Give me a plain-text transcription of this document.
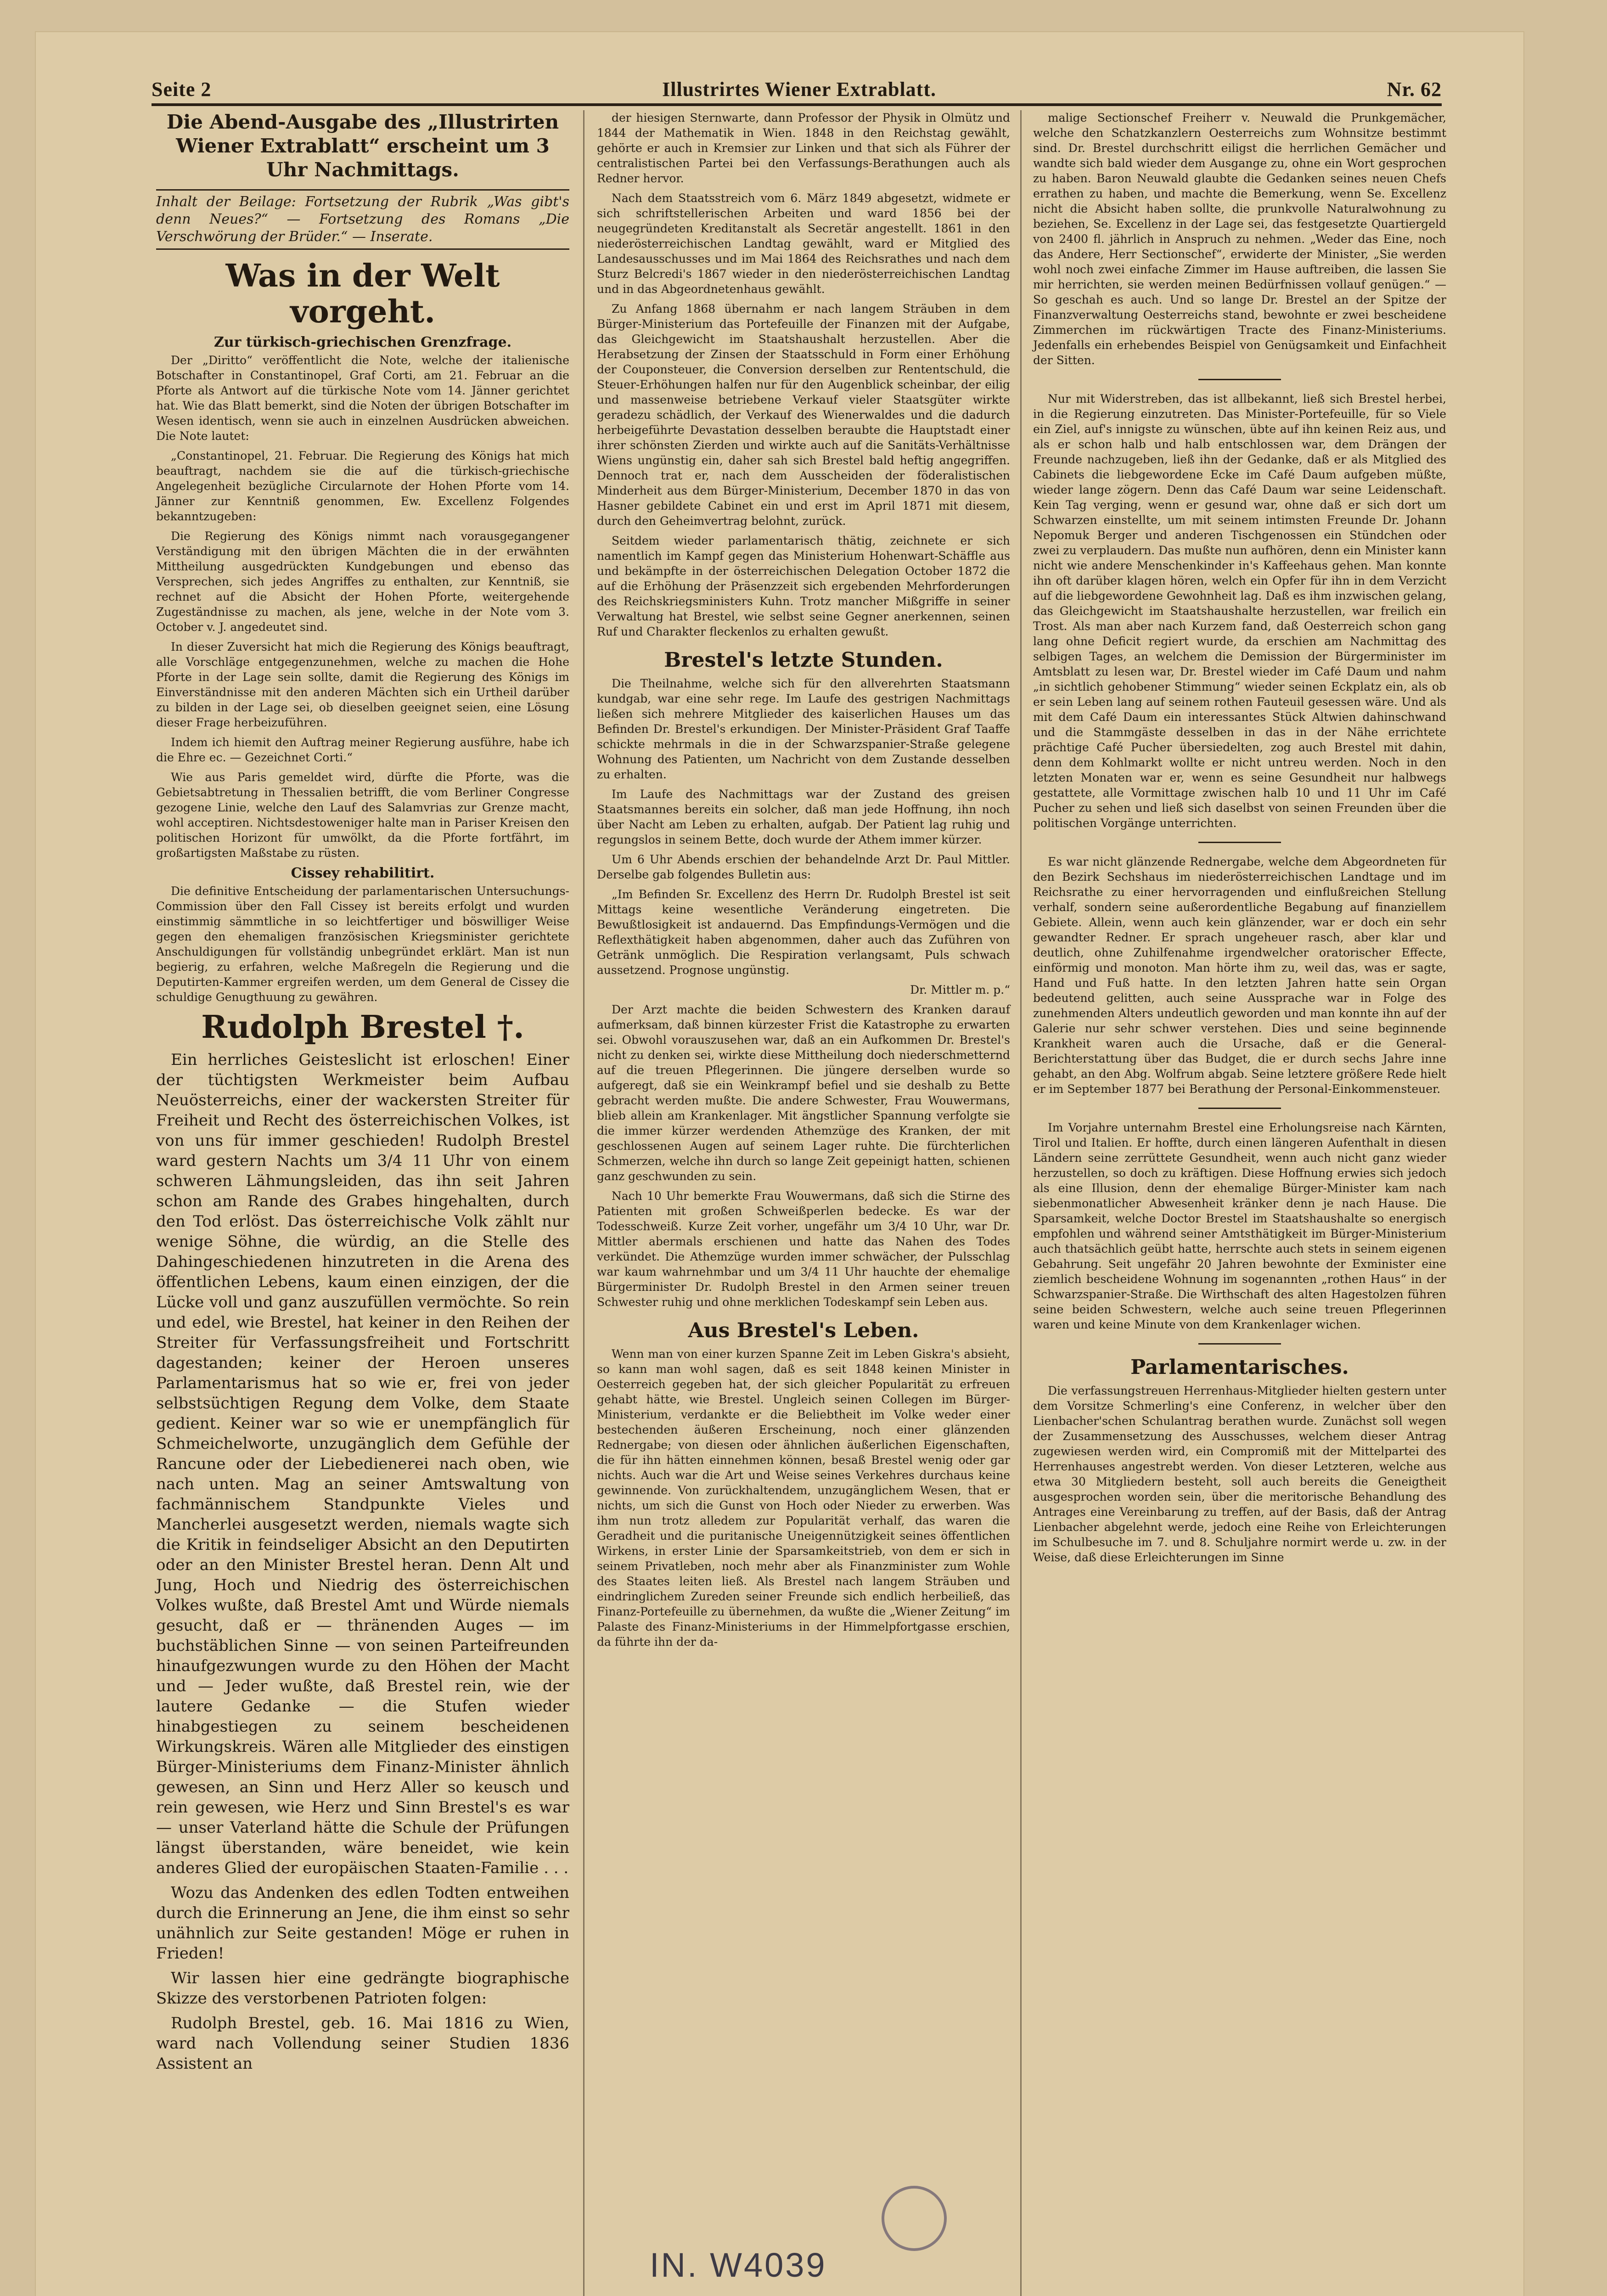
Seite 2	Illustrirtes Wiener Extrablatt.	Nr. 62
Die Abend-Ausgabe des „Illustrirten Wiener Extrablatt“ erscheint um 3 Uhr Nachmittags.
Inhalt der Beilage: Fortsetzung der Rubrik „Was gibt's denn Neues?“ — Fortsetzung des Romans „Die Verschwörung der Brüder.“ — Inserate.
Was in der Welt vorgeht.
Zur türkisch-griechischen Grenzfrage.

Der „Diritto“ veröffentlicht die Note, welche der italienische Botschafter in Constantinopel, Graf Corti, am 21. Februar an die Pforte als Antwort auf die türkische Note vom 14. Jänner gerichtet hat. Wie das Blatt bemerkt, sind die Noten der übrigen Botschafter im Wesen identisch, wenn sie auch in einzelnen Ausdrücken abweichen. Die Note lautet:

„Constantinopel, 21. Februar. Die Regierung des Königs hat mich beauftragt, nachdem sie die auf die türkisch-griechische Angelegenheit bezügliche Circularnote der Hohen Pforte vom 14. Jänner zur Kenntniß genommen, Ew. Excellenz Folgendes bekanntzugeben:

Die Regierung des Königs nimmt nach vorausgegangener Verständigung mit den übrigen Mächten die in der erwähnten Mittheilung ausgedrückten Kundgebungen und ebenso das Versprechen, sich jedes Angriffes zu enthalten, zur Kenntniß, sie rechnet auf die Absicht der Hohen Pforte, weitergehende Zugeständnisse zu machen, als jene, welche in der Note vom 3. October v. J. angedeutet sind.

In dieser Zuversicht hat mich die Regierung des Königs beauftragt, alle Vorschläge entgegenzunehmen, welche zu machen die Hohe Pforte in der Lage sein sollte, damit die Regierung des Königs im Einverständnisse mit den anderen Mächten sich ein Urtheil darüber zu bilden in der Lage sei, ob dieselben geeignet seien, eine Lösung dieser Frage herbeizuführen.

Indem ich hiemit den Auftrag meiner Regierung ausführe, habe ich die Ehre ec. — Gezeichnet Corti.“

Wie aus Paris gemeldet wird, dürfte die Pforte, was die Gebietsabtretung in Thessalien betrifft, die vom Berliner Congresse gezogene Linie, welche den Lauf des Salamvrias zur Grenze macht, wohl acceptiren. Nichtsdestoweniger halte man in Pariser Kreisen den politischen Horizont für umwölkt, da die Pforte fortfährt, im großartigsten Maßstabe zu rüsten.

Cissey rehabilitirt.

Die definitive Entscheidung der parlamentarischen Untersuchungs-Commission über den Fall Cissey ist bereits erfolgt und wurden einstimmig sämmtliche in so leichtfertiger und böswilliger Weise gegen den ehemaligen französischen Kriegsminister gerichtete Anschuldigungen für vollständig unbegründet erklärt. Man ist nun begierig, zu erfahren, welche Maßregeln die Regierung und die Deputirten-Kammer ergreifen werden, um dem General de Cissey die schuldige Genugthuung zu gewähren.

Rudolph Brestel †.

Ein herrliches Geisteslicht ist erloschen! Einer der tüchtigsten Werkmeister beim Aufbau Neuösterreichs, einer der wackersten Streiter für Freiheit und Recht des österreichischen Volkes, ist von uns für immer geschieden! Rudolph Brestel ward gestern Nachts um 3/4 11 Uhr von einem schweren Lähmungsleiden, das ihn seit Jahren schon am Rande des Grabes hingehalten, durch den Tod erlöst. Das österreichische Volk zählt nur wenige Söhne, die würdig, an die Stelle des Dahingeschiedenen hinzutreten in die Arena des öffentlichen Lebens, kaum einen einzigen, der die Lücke voll und ganz auszufüllen vermöchte. So rein und edel, wie Brestel, hat keiner in den Reihen der Streiter für Verfassungsfreiheit und Fortschritt dagestanden; keiner der Heroen unseres Parlamentarismus hat so wie er, frei von jeder selbstsüchtigen Regung dem Volke, dem Staate gedient. Keiner war so wie er unempfänglich für Schmeichelworte, unzugänglich dem Gefühle der Rancune oder der Liebedienerei nach oben, wie nach unten. Mag an seiner Amtswaltung von fachmännischem Standpunkte Vieles und Mancherlei ausgesetzt werden, niemals wagte sich die Kritik in feindseliger Absicht an den Deputirten oder an den Minister Brestel heran. Denn Alt und Jung, Hoch und Niedrig des österreichischen Volkes wußte, daß Brestel Amt und Würde niemals gesucht, daß er — thränenden Auges — im buchstäblichen Sinne — von seinen Parteifreunden hinaufgezwungen wurde zu den Höhen der Macht und — Jeder wußte, daß Brestel rein, wie der lautere Gedanke — die Stufen wieder hinabgestiegen zu seinem bescheidenen Wirkungskreis. Wären alle Mitglieder des einstigen Bürger-Ministeriums dem Finanz-Minister ähnlich gewesen, an Sinn und Herz Aller so keusch und rein gewesen, wie Herz und Sinn Brestel's es war — unser Vaterland hätte die Schule der Prüfungen längst überstanden, wäre beneidet, wie kein anderes Glied der europäischen Staaten-Familie . . .

Wozu das Andenken des edlen Todten entweihen durch die Erinnerung an Jene, die ihm einst so sehr unähnlich zur Seite gestanden! Möge er ruhen in Frieden!

Wir lassen hier eine gedrängte biographische Skizze des verstorbenen Patrioten folgen:

Rudolph Brestel, geb. 16. Mai 1816 zu Wien, ward nach Vollendung seiner Studien 1836 Assistent an

der hiesigen Sternwarte, dann Professor der Physik in Olmütz und 1844 der Mathematik in Wien. 1848 in den Reichstag gewählt, gehörte er auch in Kremsier zur Linken und that sich als Führer der centralistischen Partei bei den Verfassungs-Berathungen auch als Redner hervor.

Nach dem Staatsstreich vom 6. März 1849 abgesetzt, widmete er sich schriftstellerischen Arbeiten und ward 1856 bei der neugegründeten Kreditanstalt als Secretär angestellt. 1861 in den niederösterreichischen Landtag gewählt, ward er Mitglied des Landesausschusses und im Mai 1864 des Reichsrathes und nach dem Sturz Belcredi's 1867 wieder in den niederösterreichischen Landtag und in das Abgeordnetenhaus gewählt.

Zu Anfang 1868 übernahm er nach langem Sträuben in dem Bürger-Ministerium das Portefeuille der Finanzen mit der Aufgabe, das Gleichgewicht im Staatshaushalt herzustellen. Aber die Herabsetzung der Zinsen der Staatsschuld in Form einer Erhöhung der Couponsteuer, die Conversion derselben zur Rententschuld, die Steuer-Erhöhungen halfen nur für den Augenblick scheinbar, der eilig und massenweise betriebene Verkauf vieler Staatsgüter wirkte geradezu schädlich, der Verkauf des Wienerwaldes und die dadurch herbeigeführte Devastation desselben beraubte die Hauptstadt einer ihrer schönsten Zierden und wirkte auch auf die Sanitäts-Verhältnisse Wiens ungünstig ein, daher sah sich Brestel bald heftig angegriffen. Dennoch trat er, nach dem Ausscheiden der föderalistischen Minderheit aus dem Bürger-Ministerium, December 1870 in das von Hasner gebildete Cabinet ein und erst im April 1871 mit diesem, durch den Geheimvertrag belohnt, zurück.

Seitdem wieder parlamentarisch thätig, zeichnete er sich namentlich im Kampf gegen das Ministerium Hohenwart-Schäffle aus und bekämpfte in der österreichischen Delegation October 1872 die auf die Erhöhung der Präsenzzeit sich ergebenden Mehrforderungen des Reichskriegsministers Kuhn. Trotz mancher Mißgriffe in seiner Verwaltung hat Brestel, wie selbst seine Gegner anerkennen, seinen Ruf und Charakter fleckenlos zu erhalten gewußt.

Brestel's letzte Stunden.

Die Theilnahme, welche sich für den allverehrten Staatsmann kundgab, war eine sehr rege. Im Laufe des gestrigen Nachmittags ließen sich mehrere Mitglieder des kaiserlichen Hauses um das Befinden Dr. Brestel's erkundigen. Der Minister-Präsident Graf Taaffe schickte mehrmals in die in der Schwarzspanier-Straße gelegene Wohnung des Patienten, um Nachricht von dem Zustande desselben zu erhalten.

Im Laufe des Nachmittags war der Zustand des greisen Staatsmannes bereits ein solcher, daß man jede Hoffnung, ihn noch über Nacht am Leben zu erhalten, aufgab. Der Patient lag ruhig und regungslos in seinem Bette, doch wurde der Athem immer kürzer.

Um 6 Uhr Abends erschien der behandelnde Arzt Dr. Paul Mittler. Derselbe gab folgendes Bulletin aus:

„Im Befinden Sr. Excellenz des Herrn Dr. Rudolph Brestel ist seit Mittags keine wesentliche Veränderung eingetreten. Die Bewußtlosigkeit ist andauernd. Das Empfindungs-Vermögen und die Reflexthätigkeit haben abgenommen, daher auch das Zuführen von Getränk unmöglich. Die Respiration verlangsamt, Puls schwach aussetzend. Prognose ungünstig.

Dr. Mittler m. p.“

Der Arzt machte die beiden Schwestern des Kranken darauf aufmerksam, daß binnen kürzester Frist die Katastrophe zu erwarten sei. Obwohl vorauszusehen war, daß an ein Aufkommen Dr. Brestel's nicht zu denken sei, wirkte diese Mittheilung doch niederschmetternd auf die treuen Pflegerinnen. Die jüngere derselben wurde so aufgeregt, daß sie ein Weinkrampf befiel und sie deshalb zu Bette gebracht werden mußte. Die andere Schwester, Frau Wouwermans, blieb allein am Krankenlager. Mit ängstlicher Spannung verfolgte sie die immer kürzer werdenden Athemzüge des Kranken, der mit geschlossenen Augen auf seinem Lager ruhte. Die fürchterlichen Schmerzen, welche ihn durch so lange Zeit gepeinigt hatten, schienen ganz geschwunden zu sein.

Nach 10 Uhr bemerkte Frau Wouwermans, daß sich die Stirne des Patienten mit großen Schweißperlen bedecke. Es war der Todesschweiß. Kurze Zeit vorher, ungefähr um 3/4 10 Uhr, war Dr. Mittler abermals erschienen und hatte das Nahen des Todes verkündet. Die Athemzüge wurden immer schwächer, der Pulsschlag war kaum wahrnehmbar und um 3/4 11 Uhr hauchte der ehemalige Bürgerminister Dr. Rudolph Brestel in den Armen seiner treuen Schwester ruhig und ohne merklichen Todeskampf sein Leben aus.

Aus Brestel's Leben.

Wenn man von einer kurzen Spanne Zeit im Leben Giskra's absieht, so kann man wohl sagen, daß es seit 1848 keinen Minister in Oesterreich gegeben hat, der sich gleicher Popularität zu erfreuen gehabt hätte, wie Brestel. Ungleich seinen Collegen im Bürger-Ministerium, verdankte er die Beliebtheit im Volke weder einer bestechenden äußeren Erscheinung, noch einer glänzenden Rednergabe; von diesen oder ähnlichen äußerlichen Eigenschaften, die für ihn hätten einnehmen können, besaß Brestel wenig oder gar nichts. Auch war die Art und Weise seines Verkehres durchaus keine gewinnende. Von zurückhaltendem, unzugänglichem Wesen, that er nichts, um sich die Gunst von Hoch oder Nieder zu erwerben. Was ihm nun trotz alledem zur Popularität verhalf, das waren die Geradheit und die puritanische Uneigennützigkeit seines öffentlichen Wirkens, in erster Linie der Sparsamkeitstrieb, von dem er sich in seinem Privatleben, noch mehr aber als Finanzminister zum Wohle des Staates leiten ließ. Als Brestel nach langem Sträuben und eindringlichem Zureden seiner Freunde sich endlich herbeiließ, das Finanz-Portefeuille zu übernehmen, da wußte die „Wiener Zeitung“ im Palaste des Finanz-Ministeriums in der Himmelpfortgasse erschien, da führte ihn der da-

malige Sectionschef Freiherr v. Neuwald die Prunkgemächer, welche den Schatzkanzlern Oesterreichs zum Wohnsitze bestimmt sind. Dr. Brestel durchschritt eiligst die herrlichen Gemächer und wandte sich bald wieder dem Ausgange zu, ohne ein Wort gesprochen zu haben. Baron Neuwald glaubte die Gedanken seines neuen Chefs errathen zu haben, und machte die Bemerkung, wenn Se. Excellenz nicht die Absicht haben sollte, die prunkvolle Naturalwohnung zu beziehen, Se. Excellenz in der Lage sei, das festgesetzte Quartiergeld von 2400 fl. jährlich in Anspruch zu nehmen. „Weder das Eine, noch das Andere, Herr Sectionschef“, erwiderte der Minister, „Sie werden wohl noch zwei einfache Zimmer im Hause auftreiben, die lassen Sie mir herrichten, sie werden meinen Bedürfnissen vollauf genügen.“ — So geschah es auch. Und so lange Dr. Brestel an der Spitze der Finanzverwaltung Oesterreichs stand, bewohnte er zwei bescheidene Zimmerchen im rückwärtigen Tracte des Finanz-Ministeriums. Jedenfalls ein erhebendes Beispiel von Genügsamkeit und Einfachheit der Sitten.

Nur mit Widerstreben, das ist allbekannt, ließ sich Brestel herbei, in die Regierung einzutreten. Das Minister-Portefeuille, für so Viele ein Ziel, auf's innigste zu wünschen, übte auf ihn keinen Reiz aus, und als er schon halb und halb entschlossen war, dem Drängen der Freunde nachzugeben, ließ ihn der Gedanke, daß er als Mitglied des Cabinets die liebgewordene Ecke im Café Daum aufgeben müßte, wieder lange zögern. Denn das Café Daum war seine Leidenschaft. Kein Tag verging, wenn er gesund war, ohne daß er sich dort um Schwarzen einstellte, um mit seinem intimsten Freunde Dr. Johann Nepomuk Berger und anderen Tischgenossen ein Stündchen oder zwei zu verplaudern. Das mußte nun aufhören, denn ein Minister kann nicht wie andere Menschenkinder in's Kaffeehaus gehen. Man konnte ihn oft darüber klagen hören, welch ein Opfer für ihn in dem Verzicht auf die liebgewordene Gewohnheit lag. Daß es ihm inzwischen gelang, das Gleichgewicht im Staatshaushalte herzustellen, war freilich ein Trost. Als man aber nach Kurzem fand, daß Oesterreich schon gang lang ohne Deficit regiert wurde, da erschien am Nachmittag des selbigen Tages, an welchem die Demission der Bürgerminister im Amtsblatt zu lesen war, Dr. Brestel wieder im Café Daum und nahm „in sichtlich gehobener Stimmung“ wieder seinen Eckplatz ein, als ob er sein Leben lang auf seinem rothen Fauteuil gesessen wäre. Und als mit dem Café Daum ein interessantes Stück Altwien dahinschwand und die Stammgäste desselben in das in der Nähe errichtete prächtige Café Pucher übersiedelten, zog auch Brestel mit dahin, denn dem Kohlmarkt wollte er nicht untreu werden. Noch in den letzten Monaten war er, wenn es seine Gesundheit nur halbwegs gestattete, alle Vormittage zwischen halb 10 und 11 Uhr im Café Pucher zu sehen und ließ sich daselbst von seinen Freunden über die politischen Vorgänge unterrichten.

Es war nicht glänzende Rednergabe, welche dem Abgeordneten für den Bezirk Sechshaus im niederösterreichischen Landtage und im Reichsrathe zu einer hervorragenden und einflußreichen Stellung verhalf, sondern seine außerordentliche Begabung auf finanziellem Gebiete. Allein, wenn auch kein glänzender, war er doch ein sehr gewandter Redner. Er sprach ungeheuer rasch, aber klar und deutlich, ohne Zuhilfenahme irgendwelcher oratorischer Effecte, einförmig und monoton. Man hörte ihm zu, weil das, was er sagte, Hand und Fuß hatte. In den letzten Jahren hatte sein Organ bedeutend gelitten, auch seine Aussprache war in Folge des zunehmenden Alters undeutlich geworden und man konnte ihn auf der Galerie nur sehr schwer verstehen. Dies und seine beginnende Krankheit waren auch die Ursache, daß er die General-Berichterstattung über das Budget, die er durch sechs Jahre inne gehabt, an den Abg. Wolfrum abgab. Seine letztere größere Rede hielt er im September 1877 bei Berathung der Personal-Einkommensteuer.

Im Vorjahre unternahm Brestel eine Erholungsreise nach Kärnten, Tirol und Italien. Er hoffte, durch einen längeren Aufenthalt in diesen Ländern seine zerrüttete Gesundheit, wenn auch nicht ganz wieder herzustellen, so doch zu kräftigen. Diese Hoffnung erwies sich jedoch als eine Illusion, denn der ehemalige Bürger-Minister kam nach siebenmonatlicher Abwesenheit kränker denn je nach Hause. Die Sparsamkeit, welche Doctor Brestel im Staatshaushalte so energisch empfohlen und während seiner Amtsthätigkeit im Bürger-Ministerium auch thatsächlich geübt hatte, herrschte auch stets in seinem eigenen Gebahrung. Seit ungefähr 20 Jahren bewohnte der Exminister eine ziemlich bescheidene Wohnung im sogenannten „rothen Haus“ in der Schwarzspanier-Straße. Die Wirthschaft des alten Hagestolzen führen seine beiden Schwestern, welche auch seine treuen Pflegerinnen waren und keine Minute von dem Krankenlager wichen.

Parlamentarisches.

Die verfassungstreuen Herrenhaus-Mitglieder hielten gestern unter dem Vorsitze Schmerling's eine Conferenz, in welcher über den Lienbacher'schen Schulantrag berathen wurde. Zunächst soll wegen der Zusammensetzung des Ausschusses, welchem dieser Antrag zugewiesen werden wird, ein Compromiß mit der Mittelpartei des Herrenhauses angestrebt werden. Von dieser Letzteren, welche aus etwa 30 Mitgliedern besteht, soll auch bereits die Geneigtheit ausgesprochen worden sein, über die meritorische Behandlung des Antrages eine Vereinbarung zu treffen, auf der Basis, daß der Antrag Lienbacher abgelehnt werde, jedoch eine Reihe von Erleichterungen im Schulbesuche im 7. und 8. Schuljahre normirt werde u. zw. in der Weise, daß diese Erleichterungen im Sinne

IN. W4039
